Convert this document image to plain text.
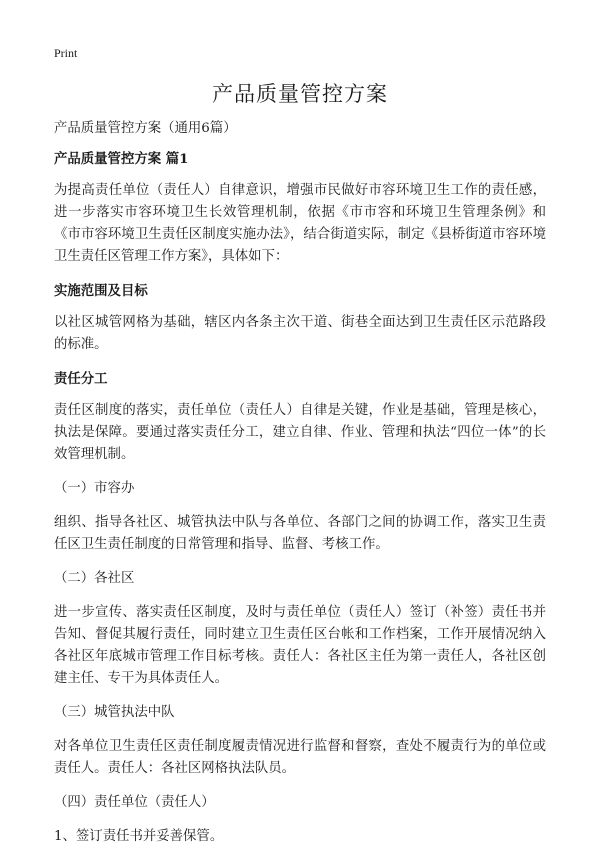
Print
产品质量管控方案

产品质量管控方案（通用6篇）

产品质量管控方案 篇1

为提高责任单位（责任人）自律意识，增强市民做好市容环境卫生工作的责任感，进一步落实市容环境卫生长效管理机制，依据《市市容和环境卫生管理条例》和《市市容环境卫生责任区制度实施办法》，结合街道实际，制定《县桥街道市容环境卫生责任区管理工作方案》，具体如下：

实施范围及目标

以社区城管网格为基础，辖区内各条主次干道、街巷全面达到卫生责任区示范路段的标准。

责任分工

责任区制度的落实，责任单位（责任人）自律是关键，作业是基础，管理是核心，执法是保障。要通过落实责任分工，建立自律、作业、管理和执法“四位一体”的长效管理机制。

（一）市容办

组织、指导各社区、城管执法中队与各单位、各部门之间的协调工作，落实卫生责任区卫生责任制度的日常管理和指导、监督、考核工作。

（二）各社区

进一步宣传、落实责任区制度，及时与责任单位（责任人）签订（补签）责任书并告知、督促其履行责任，同时建立卫生责任区台帐和工作档案，工作开展情况纳入各社区年底城市管理工作目标考核。责任人：各社区主任为第一责任人，各社区创建主任、专干为具体责任人。

（三）城管执法中队

对各单位卫生责任区责任制度履责情况进行监督和督察，查处不履责行为的单位或责任人。责任人：各社区网格执法队员。

（四）责任单位（责任人）

1、签订责任书并妥善保管。
